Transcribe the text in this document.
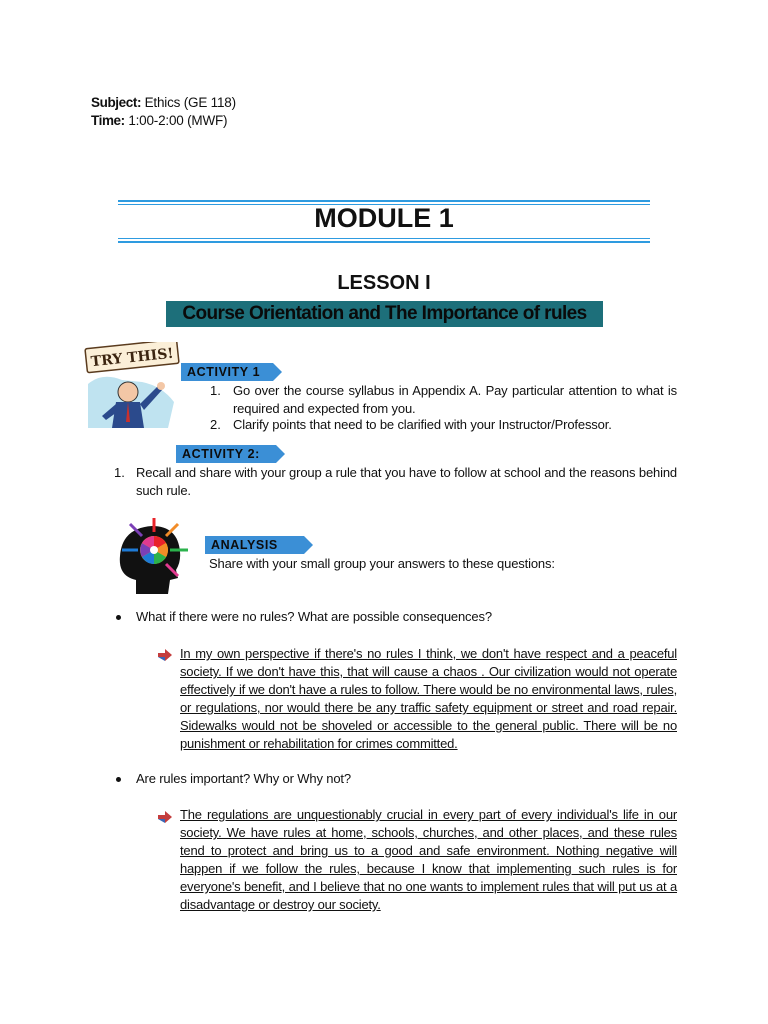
Subject: Ethics (GE 118)
Time: 1:00-2:00 (MWF)
MODULE 1
LESSON I
Course Orientation and The Importance of rules
TRY THIS!
ACTIVITY 1
1. Go over the course syllabus in Appendix A. Pay particular attention to what is required and expected from you.
2. Clarify points that need to be clarified with your Instructor/Professor.
ACTIVITY 2:
1. Recall and share with your group a rule that you have to follow at school and the reasons behind such rule.
ANALYSIS
Share with your small group your answers to these questions:
What if there were no rules? What are possible consequences?
In my own perspective if there's no rules I think, we don't have respect and a peaceful society. If we don't have this, that will cause a chaos . Our civilization would not operate effectively if we don't have a rules to follow. There would be no environmental laws, rules, or regulations, nor would there be any traffic safety equipment or street and road repair. Sidewalks would not be shoveled or accessible to the general public. There will be no punishment or rehabilitation for crimes committed.
Are rules important? Why or Why not?
The regulations are unquestionably crucial in every part of every individual's life in our society. We have rules at home, schools, churches, and other places, and these rules tend to protect and bring us to a good and safe environment. Nothing negative will happen if we follow the rules, because I know that implementing such rules is for everyone's benefit, and I believe that no one wants to implement rules that will put us at a disadvantage or destroy our society.
